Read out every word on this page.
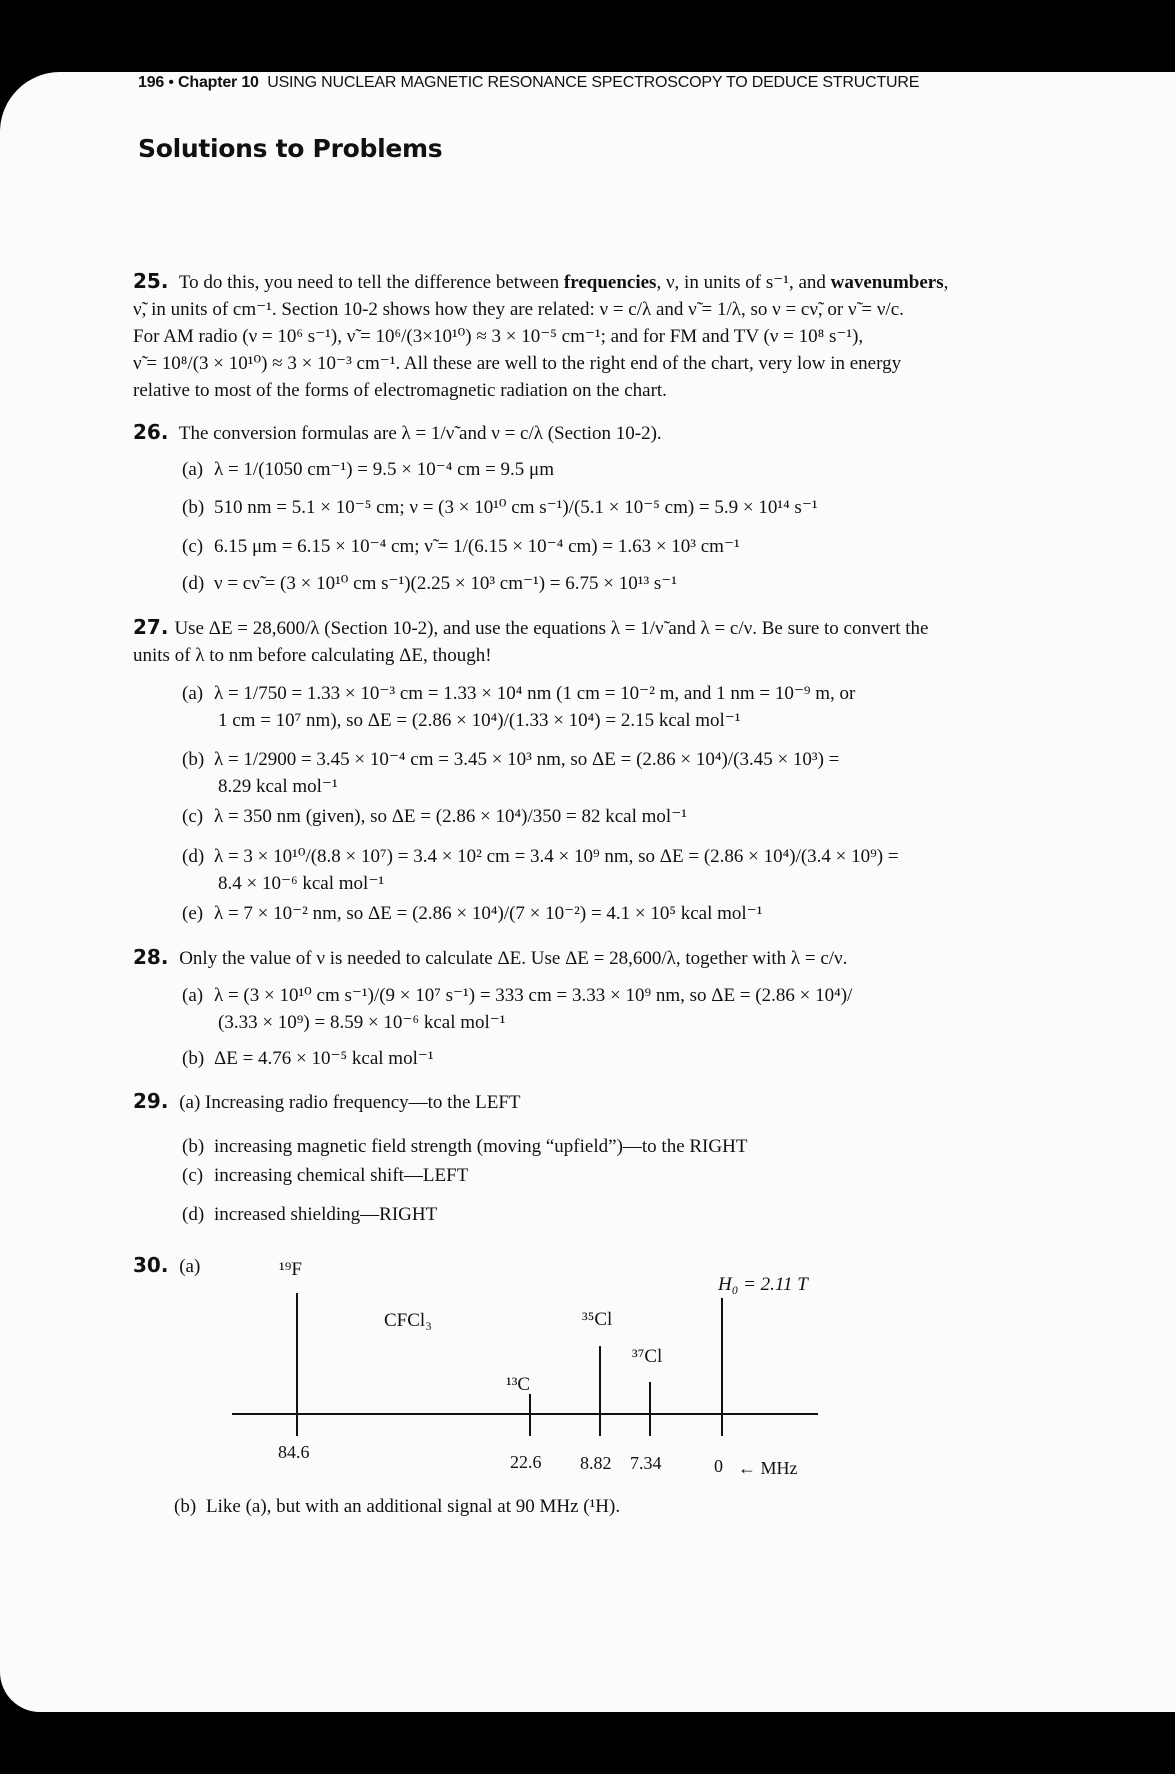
196 • Chapter 10 USING NUCLEAR MAGNETIC RESONANCE SPECTROSCOPY TO DEDUCE STRUCTURE
Solutions to Problems
25. To do this, you need to tell the difference between frequencies, ν, in units of s⁻¹, and wavenumbers,
ν̃, in units of cm⁻¹. Section 10-2 shows how they are related: ν = c/λ and ν̃ = 1/λ, so ν = cν̃, or ν̃ = ν/c.
For AM radio (ν = 10⁶ s⁻¹), ν̃ = 10⁶/(3×10¹⁰) ≈ 3 × 10⁻⁵ cm⁻¹; and for FM and TV (ν = 10⁸ s⁻¹),
ν̃ = 10⁸/(3 × 10¹⁰) ≈ 3 × 10⁻³ cm⁻¹. All these are well to the right end of the chart, very low in energy
relative to most of the forms of electromagnetic radiation on the chart.
26. The conversion formulas are λ = 1/ν̃ and ν = c/λ (Section 10-2).
(a) λ = 1/(1050 cm⁻¹) = 9.5 × 10⁻⁴ cm = 9.5 μm
(b) 510 nm = 5.1 × 10⁻⁵ cm; ν = (3 × 10¹⁰ cm s⁻¹)/(5.1 × 10⁻⁵ cm) = 5.9 × 10¹⁴ s⁻¹
(c) 6.15 μm = 6.15 × 10⁻⁴ cm; ν̃ = 1/(6.15 × 10⁻⁴ cm) = 1.63 × 10³ cm⁻¹
(d) ν = cν̃ = (3 × 10¹⁰ cm s⁻¹)(2.25 × 10³ cm⁻¹) = 6.75 × 10¹³ s⁻¹
27. Use ΔE = 28,600/λ (Section 10-2), and use the equations λ = 1/ν̃ and λ = c/ν. Be sure to convert the
units of λ to nm before calculating ΔE, though!
(a) λ = 1/750 = 1.33 × 10⁻³ cm = 1.33 × 10⁴ nm (1 cm = 10⁻² m, and 1 nm = 10⁻⁹ m, or
1 cm = 10⁷ nm), so ΔE = (2.86 × 10⁴)/(1.33 × 10⁴) = 2.15 kcal mol⁻¹
(b) λ = 1/2900 = 3.45 × 10⁻⁴ cm = 3.45 × 10³ nm, so ΔE = (2.86 × 10⁴)/(3.45 × 10³) =
8.29 kcal mol⁻¹
(c) λ = 350 nm (given), so ΔE = (2.86 × 10⁴)/350 = 82 kcal mol⁻¹
(d) λ = 3 × 10¹⁰/(8.8 × 10⁷) = 3.4 × 10² cm = 3.4 × 10⁹ nm, so ΔE = (2.86 × 10⁴)/(3.4 × 10⁹) =
8.4 × 10⁻⁶ kcal mol⁻¹
(e) λ = 7 × 10⁻² nm, so ΔE = (2.86 × 10⁴)/(7 × 10⁻²) = 4.1 × 10⁵ kcal mol⁻¹
28. Only the value of ν is needed to calculate ΔE. Use ΔE = 28,600/λ, together with λ = c/ν.
(a) λ = (3 × 10¹⁰ cm s⁻¹)/(9 × 10⁷ s⁻¹) = 333 cm = 3.33 × 10⁹ nm, so ΔE = (2.86 × 10⁴)/
(3.33 × 10⁹) = 8.59 × 10⁻⁶ kcal mol⁻¹
(b) ΔE = 4.76 × 10⁻⁵ kcal mol⁻¹
29. (a) Increasing radio frequency—to the LEFT
(b) increasing magnetic field strength (moving “upfield”)—to the RIGHT
(c) increasing chemical shift—LEFT
(d) increased shielding—RIGHT
30. (a)
(b) Like (a), but with an additional signal at 90 MHz (¹H).
¹⁹F
¹³C
³⁵Cl
³⁷Cl
CFCl₃
H₀ = 2.11 T
84.6	22.6 8.82 7.34	0 ← MHz
